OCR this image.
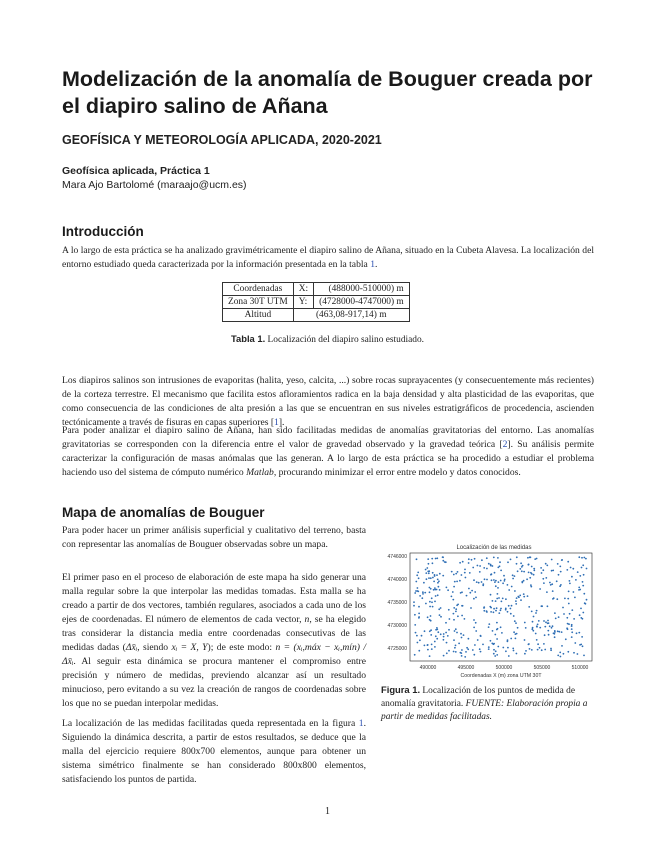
Modelización de la anomalía de Bouguer creada por el diapiro salino de Añana
GEOFÍSICA Y METEOROLOGÍA APLICADA, 2020-2021
Geofísica aplicada, Práctica 1
Mara Ajo Bartolomé (maraajo@ucm.es)
Introducción

A lo largo de esta práctica se ha analizado gravimétricamente el diapiro salino de Añana, situado en la Cubeta Alavesa. La localización del entorno estudiado queda caracterizada por la información presentada en la tabla 1.

Coordenadas	X:	(488000-510000) m
Zona 30T UTM	Y:	(4728000-4747000) m
Altitud	(463,08-917,14) m	
Tabla 1. Localización del diapiro salino estudiado.

Los diapiros salinos son intrusiones de evaporitas (halita, yeso, calcita, ...) sobre rocas suprayacentes (y consecuentemente más recientes) de la corteza terrestre. El mecanismo que facilita estos afloramientos radica en la baja densidad y alta plasticidad de las evaporitas, que como consecuencia de las condiciones de alta presión a las que se encuentran en sus niveles estratigráficos de procedencia, ascienden tectónicamente a través de fisuras en capas superiores [1].

Para poder analizar el diapiro salino de Añana, han sido facilitadas medidas de anomalías gravitatorias del entorno. Las anomalías gravitatorias se corresponden con la diferencia entre el valor de gravedad observado y la gravedad teórica [2]. Su análisis permite caracterizar la configuración de masas anómalas que las generan. A lo largo de esta práctica se ha procedido a estudiar el problema haciendo uso del sistema de cómputo numérico Matlab, procurando minimizar el error entre modelo y datos conocidos.

Mapa de anomalías de Bouguer

Para poder hacer un primer análisis superficial y cualitativo del terreno, basta con representar las anomalías de Bouguer observadas sobre un mapa.

El primer paso en el proceso de elaboración de este mapa ha sido generar una malla regular sobre la que interpolar las medidas tomadas. Esta malla se ha creado a partir de dos vectores, también regulares, asociados a cada uno de los ejes de coordenadas. El número de elementos de cada vector, n, se ha elegido tras considerar la distancia media entre coordenadas consecutivas de las medidas dadas (Δx̄ᵢ, siendo xᵢ = X, Y); de este modo: n = (xᵢ,máx − xᵢ,mín) / Δx̄ᵢ. Al seguir esta dinámica se procura mantener el compromiso entre precisión y número de medidas, previendo alcanzar así un resultado minucioso, pero evitando a su vez la creación de rangos de coordenadas sobre los que no se puedan interpolar medidas.

La localización de las medidas facilitadas queda representada en la figura 1. Siguiendo la dinámica descrita, a partir de estos resultados, se deduce que la malla del ejercicio requiere 800x700 elementos, aunque para obtener un sistema simétrico finalmente se han considerado 800x800 elementos, satisfaciendo los puntos de partida.

Localización de las medidas
4746000
4740000
4735000
4730000
4725000
490000	495000	500000	505000	510000
Coordenadas X (m) zona UTM 30T
Figura 1. Localización de los puntos de medida de anomalía gravitatoria. FUENTE: Elaboración propia a partir de medidas facilitadas.
1
